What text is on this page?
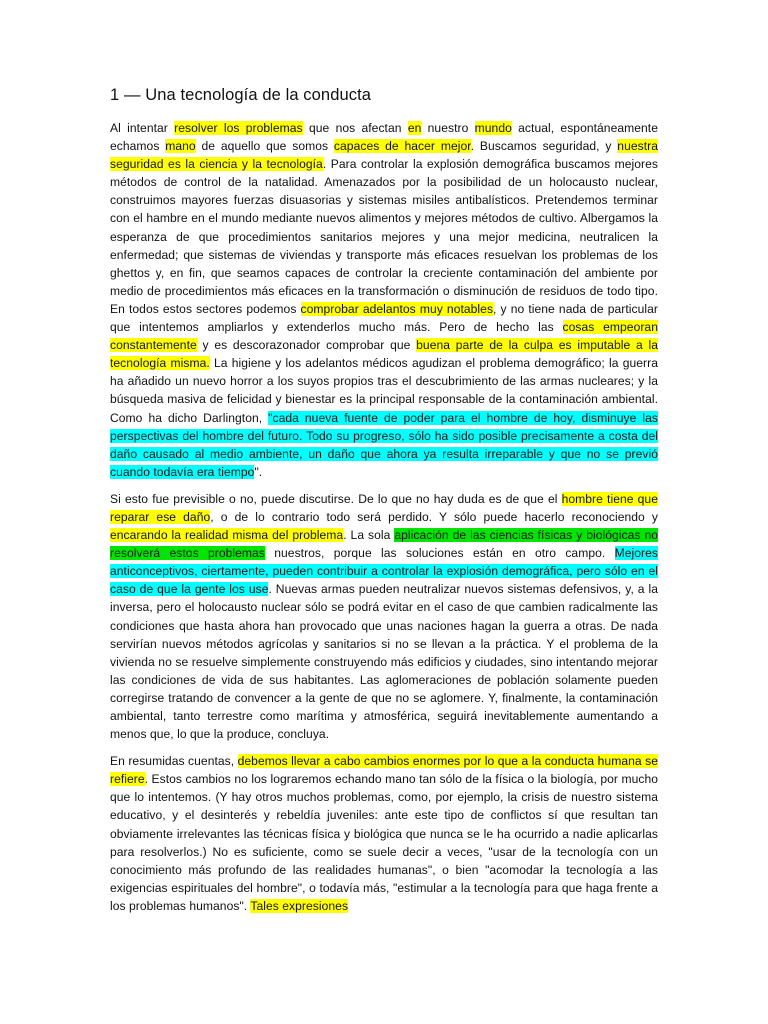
1 — Una tecnología de la conducta

Al intentar resolver los problemas que nos afectan en nuestro mundo actual, espontáneamente echamos mano de aquello que somos capaces de hacer mejor. Buscamos seguridad, y nuestra seguridad es la ciencia y la tecnología. Para controlar la explosión demográfica buscamos mejores métodos de control de la natalidad. Amenazados por la posibilidad de un holocausto nuclear, construimos mayores fuerzas disuasorias y sistemas misiles antibalísticos. Pretendemos terminar con el hambre en el mundo mediante nuevos alimentos y mejores métodos de cultivo. Albergamos la esperanza de que procedimientos sanitarios mejores y una mejor medicina, neutralicen la enfermedad; que sistemas de viviendas y transporte más eficaces resuelvan los problemas de los ghettos y, en fin, que seamos capaces de controlar la creciente contaminación del ambiente por medio de procedimientos más eficaces en la transformación o disminución de residuos de todo tipo. En todos estos sectores podemos comprobar adelantos muy notables, y no tiene nada de particular que intentemos ampliarlos y extenderlos mucho más. Pero de hecho las cosas empeoran constantemente y es descorazonador comprobar que buena parte de la culpa es imputable a la tecnología misma. La higiene y los adelantos médicos agudizan el problema demográfico; la guerra ha añadido un nuevo horror a los suyos propios tras el descubrimiento de las armas nucleares; y la búsqueda masiva de felicidad y bienestar es la principal responsable de la contaminación ambiental. Como ha dicho Darlington, "cada nueva fuente de poder para el hombre de hoy, disminuye las perspectivas del hombre del futuro. Todo su progreso, sólo ha sido posible precisamente a costa del daño causado al medio ambiente, un daño que ahora ya resulta irreparable y que no se previó cuando todavía era tiempo".

Si esto fue previsible o no, puede discutirse. De lo que no hay duda es de que el hombre tiene que reparar ese daño, o de lo contrario todo será perdido. Y sólo puede hacerlo reconociendo y encarando la realidad misma del problema. La sola aplicación de las ciencias físicas y biológicas no resolverá estos problemas nuestros, porque las soluciones están en otro campo. Mejores anticonceptivos, ciertamente, pueden contribuir a controlar la explosión demográfica, pero sólo en el caso de que la gente los use. Nuevas armas pueden neutralizar nuevos sistemas defensivos, y, a la inversa, pero el holocausto nuclear sólo se podrá evitar en el caso de que cambien radicalmente las condiciones que hasta ahora han provocado que unas naciones hagan la guerra a otras. De nada servirían nuevos métodos agrícolas y sanitarios si no se llevan a la práctica. Y el problema de la vivienda no se resuelve simplemente construyendo más edificios y ciudades, sino intentando mejorar las condiciones de vida de sus habitantes. Las aglomeraciones de población solamente pueden corregirse tratando de convencer a la gente de que no se aglomere. Y, finalmente, la contaminación ambiental, tanto terrestre como marítima y atmosférica, seguirá inevitablemente aumentando a menos que, lo que la produce, concluya.

En resumidas cuentas, debemos llevar a cabo cambios enormes por lo que a la conducta humana se refiere. Estos cambios no los lograremos echando mano tan sólo de la física o la biología, por mucho que lo intentemos. (Y hay otros muchos problemas, como, por ejemplo, la crisis de nuestro sistema educativo, y el desinterés y rebeldía juveniles: ante este tipo de conflictos sí que resultan tan obviamente irrelevantes las técnicas física y biológica que nunca se le ha ocurrido a nadie aplicarlas para resolverlos.) No es suficiente, como se suele decir a veces, "usar de la tecnología con un conocimiento más profundo de las realidades humanas", o bien "acomodar la tecnología a las exigencias espirituales del hombre", o todavía más, "estimular a la tecnología para que haga frente a los problemas humanos". Tales expresiones
